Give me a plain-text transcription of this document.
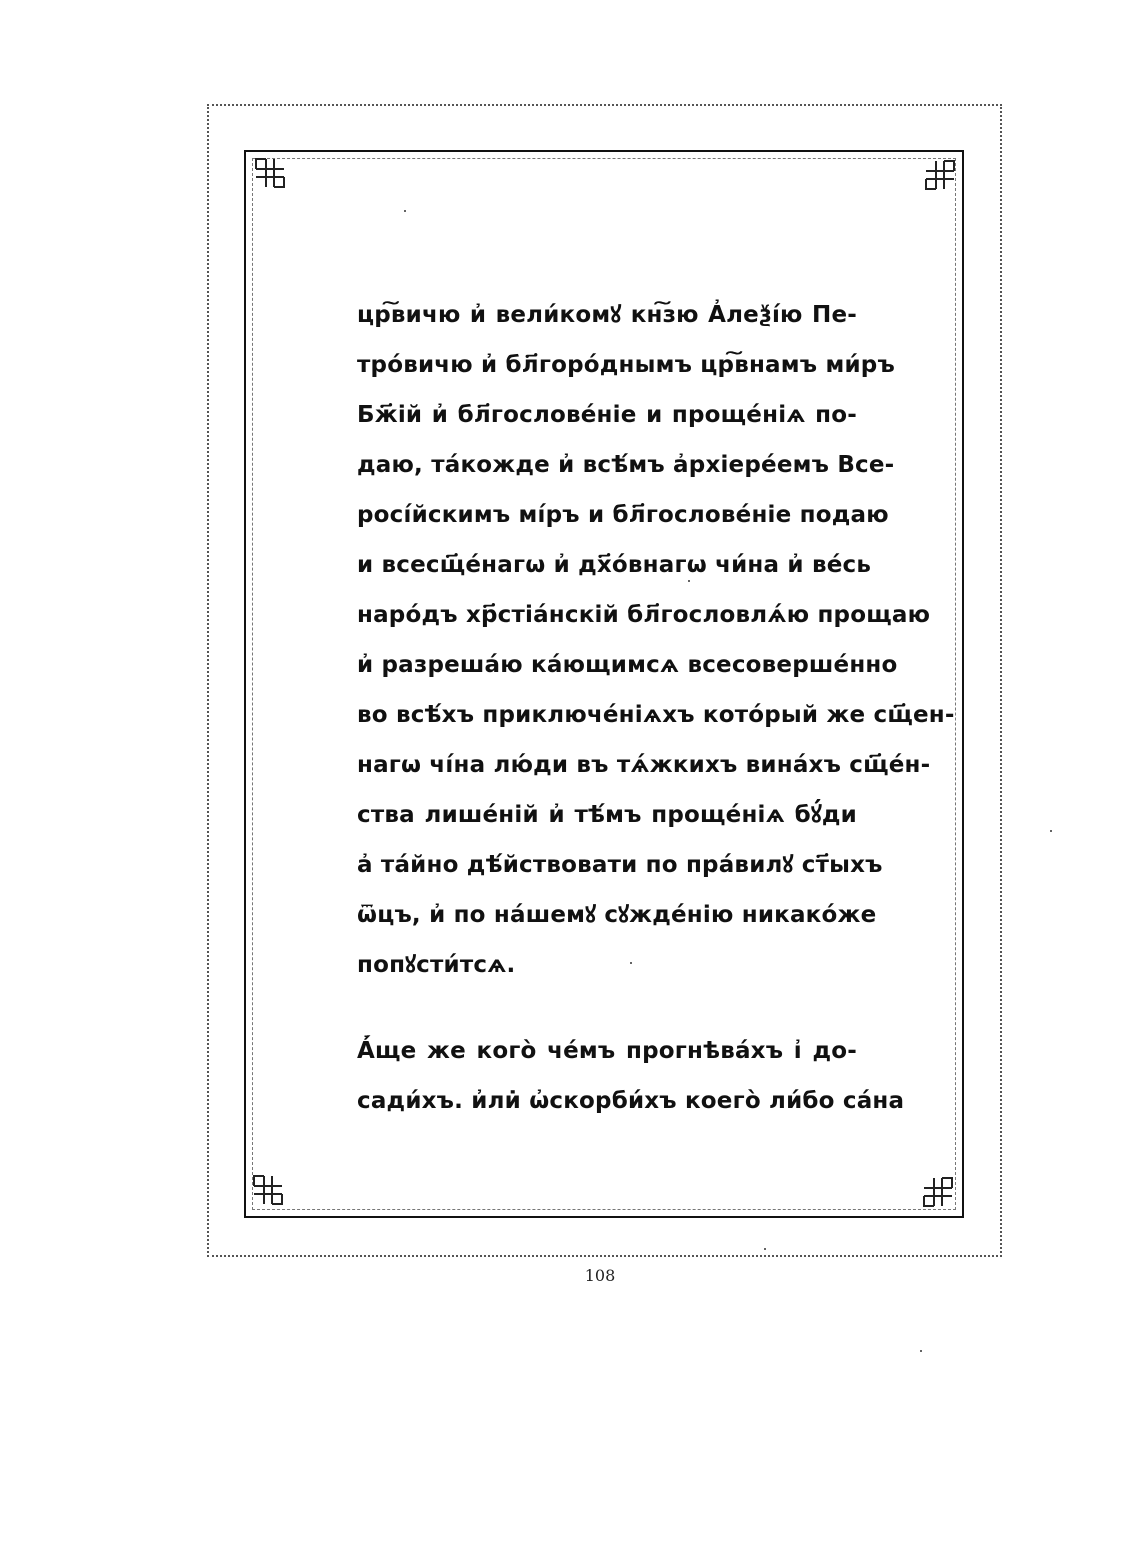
цр͠вичю и҆ вели́комꙋ кн͠зю А҆леѯі́ю Пе-
тро́вичю и҆ бл҃горо́днымъ цр͠внамъ ми́ръ
Бж҃ій и҆ бл҃гослове́ніе и проще́ніѧ по-
даю, та́кожде и҆ всѣ́мъ а҆рхіере́емъ Все-
росі́йскимъ мі́ръ и бл҃гослове́ніе подаю
и всесщ҃е́нагѡ и҆ дх҃о́внагѡ чи́на и҆ ве́сь
наро́дъ хр҃стіа́нскій бл҃гословлѧ́ю прощаю
и҆ разреша́ю ка́ющимсѧ всесоверше́нно
во всѣ́хъ приключе́ніѧхъ кото́рый же сщ҃ен-
нагѡ чі́на лю́ди въ тѧ́жкихъ вина́хъ сщ҃е́н-
ства лише́ній и҆ тѣ́мъ проще́ніѧ бꙋ́ди
а҆ та́йно дѣ́йствовати по пра́вилꙋ ст҃ыхъ
ѿцъ, и҆ по на́шемꙋ сꙋжде́нію никако́же
попꙋсти́тсѧ.
А҆́ще же кого̀ че́мъ прогнѣва́хъ і҆ до-
сади́хъ. и҆ли̇ ѡ҆скорби́хъ коего̀ ли́бо са́на
108
